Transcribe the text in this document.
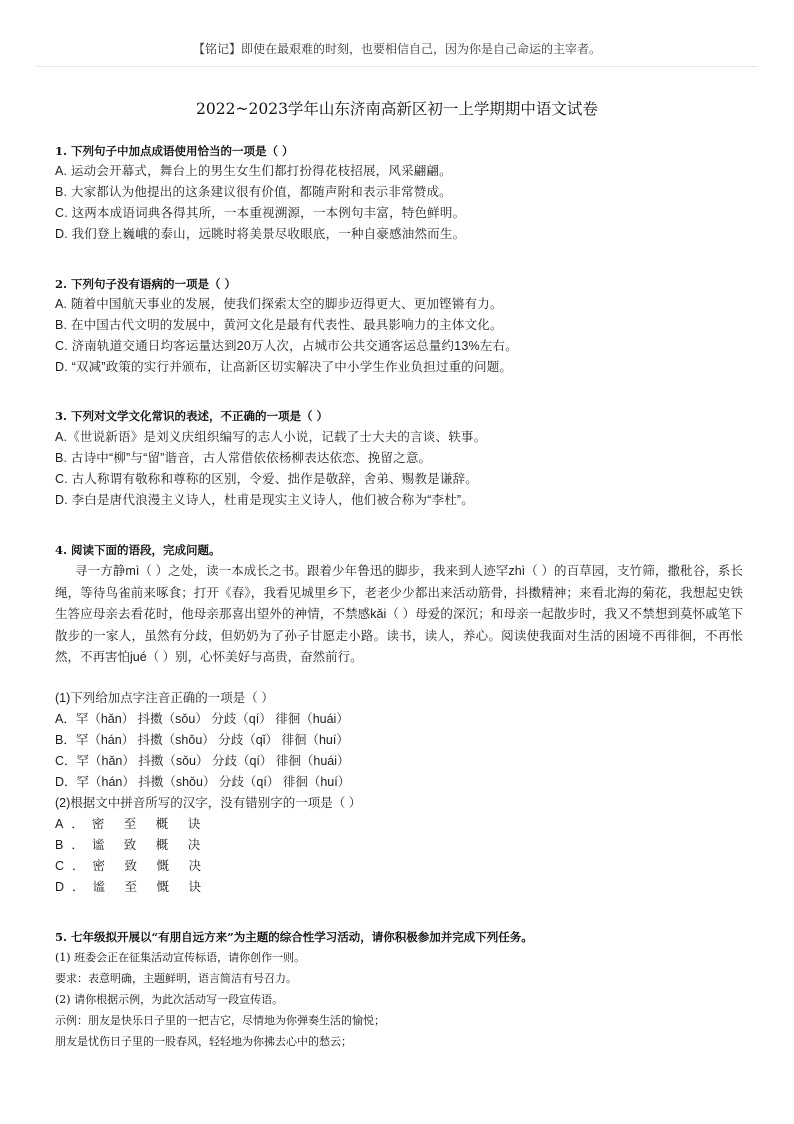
【铭记】即使在最艰难的时刻，也要相信自己，因为你是自己命运的主宰者。
2022~2023学年山东济南高新区初一上学期期中语文试卷
1. 下列句子中加点成语使用恰当的一项是（ ）
A. 运动会开幕式，舞台上的男生女生们都打扮得花枝招展，风采翩翩。
B. 大家都认为他提出的这条建议很有价值，都随声附和表示非常赞成。
C. 这两本成语词典各得其所，一本重视溯源，一本例句丰富，特色鲜明。
D. 我们登上巍峨的泰山，远眺时将美景尽收眼底，一种自豪感油然而生。
2. 下列句子没有语病的一项是（ ）
A. 随着中国航天事业的发展，使我们探索太空的脚步迈得更大、更加铿锵有力。
B. 在中国古代文明的发展中，黄河文化是最有代表性、最具影响力的主体文化。
C. 济南轨道交通日均客运量达到20万人次，占城市公共交通客运总量约13%左右。
D. “双减”政策的实行并颁布，让高新区切实解决了中小学生作业负担过重的问题。
3. 下列对文学文化常识的表述，不正确的一项是（ ）
A.《世说新语》是刘义庆组织编写的志人小说，记载了士大夫的言谈、轶事。
B. 古诗中“柳”与“留”谐音，古人常借依依杨柳表达依恋、挽留之意。
C. 古人称谓有敬称和尊称的区别，令爱、拙作是敬辞，舍弟、赐教是谦辞。
D. 李白是唐代浪漫主义诗人，杜甫是现实主义诗人，他们被合称为“李杜”。
4. 阅读下面的语段，完成问题。
寻一方静mì（ ）之处，读一本成长之书。跟着少年鲁迅的脚步，我来到人迹罕zhì（ ）的百草园，支竹筛，撒秕谷，系长绳，等待鸟雀前来啄食；打开《春》，我看见城里乡下，老老少少都出来活动筋骨，抖擞精神；来看北海的菊花，我想起史铁生答应母亲去看花时，他母亲那喜出望外的神情，不禁感kǎi（ ）母爱的深沉；和母亲一起散步时，我又不禁想到莫怀戚笔下散步的一家人，虽然有分歧，但奶奶为了孙子甘愿走小路。读书，读人，养心。阅读使我面对生活的困境不再徘徊，不再怅然，不再害怕jué（ ）别，心怀美好与高贵，奋然前行。
(1)下列给加点字注音正确的一项是（ ）
A．罕（hǎn） 抖擞（sǒu） 分歧（qí） 徘徊（huái）
B．罕（hán） 抖擞（shǒu） 分歧（qǐ） 徘徊（huí）
C．罕（hǎn） 抖擞（sǒu） 分歧（qí） 徘徊（huái）
D．罕（hán） 抖擞（shǒu） 分歧（qí） 徘徊（huí）
(2)根据文中拼音所写的汉字，没有错别字的一项是（ ）
A．密 至 概 诀
B．谧 致 概 决
C．密 致 慨 决
D．谧 至 慨 诀
5. 七年级拟开展以“有朋自远方来”为主题的综合性学习活动，请你积极参加并完成下列任务。
(1) 班委会正在征集活动宣传标语，请你创作一则。
要求：表意明确，主题鲜明，语言简洁有号召力。
(2) 请你根据示例，为此次活动写一段宣传语。
示例：朋友是快乐日子里的一把吉它，尽情地为你弹奏生活的愉悦；
朋友是忧伤日子里的一股春风，轻轻地为你拂去心中的愁云；
